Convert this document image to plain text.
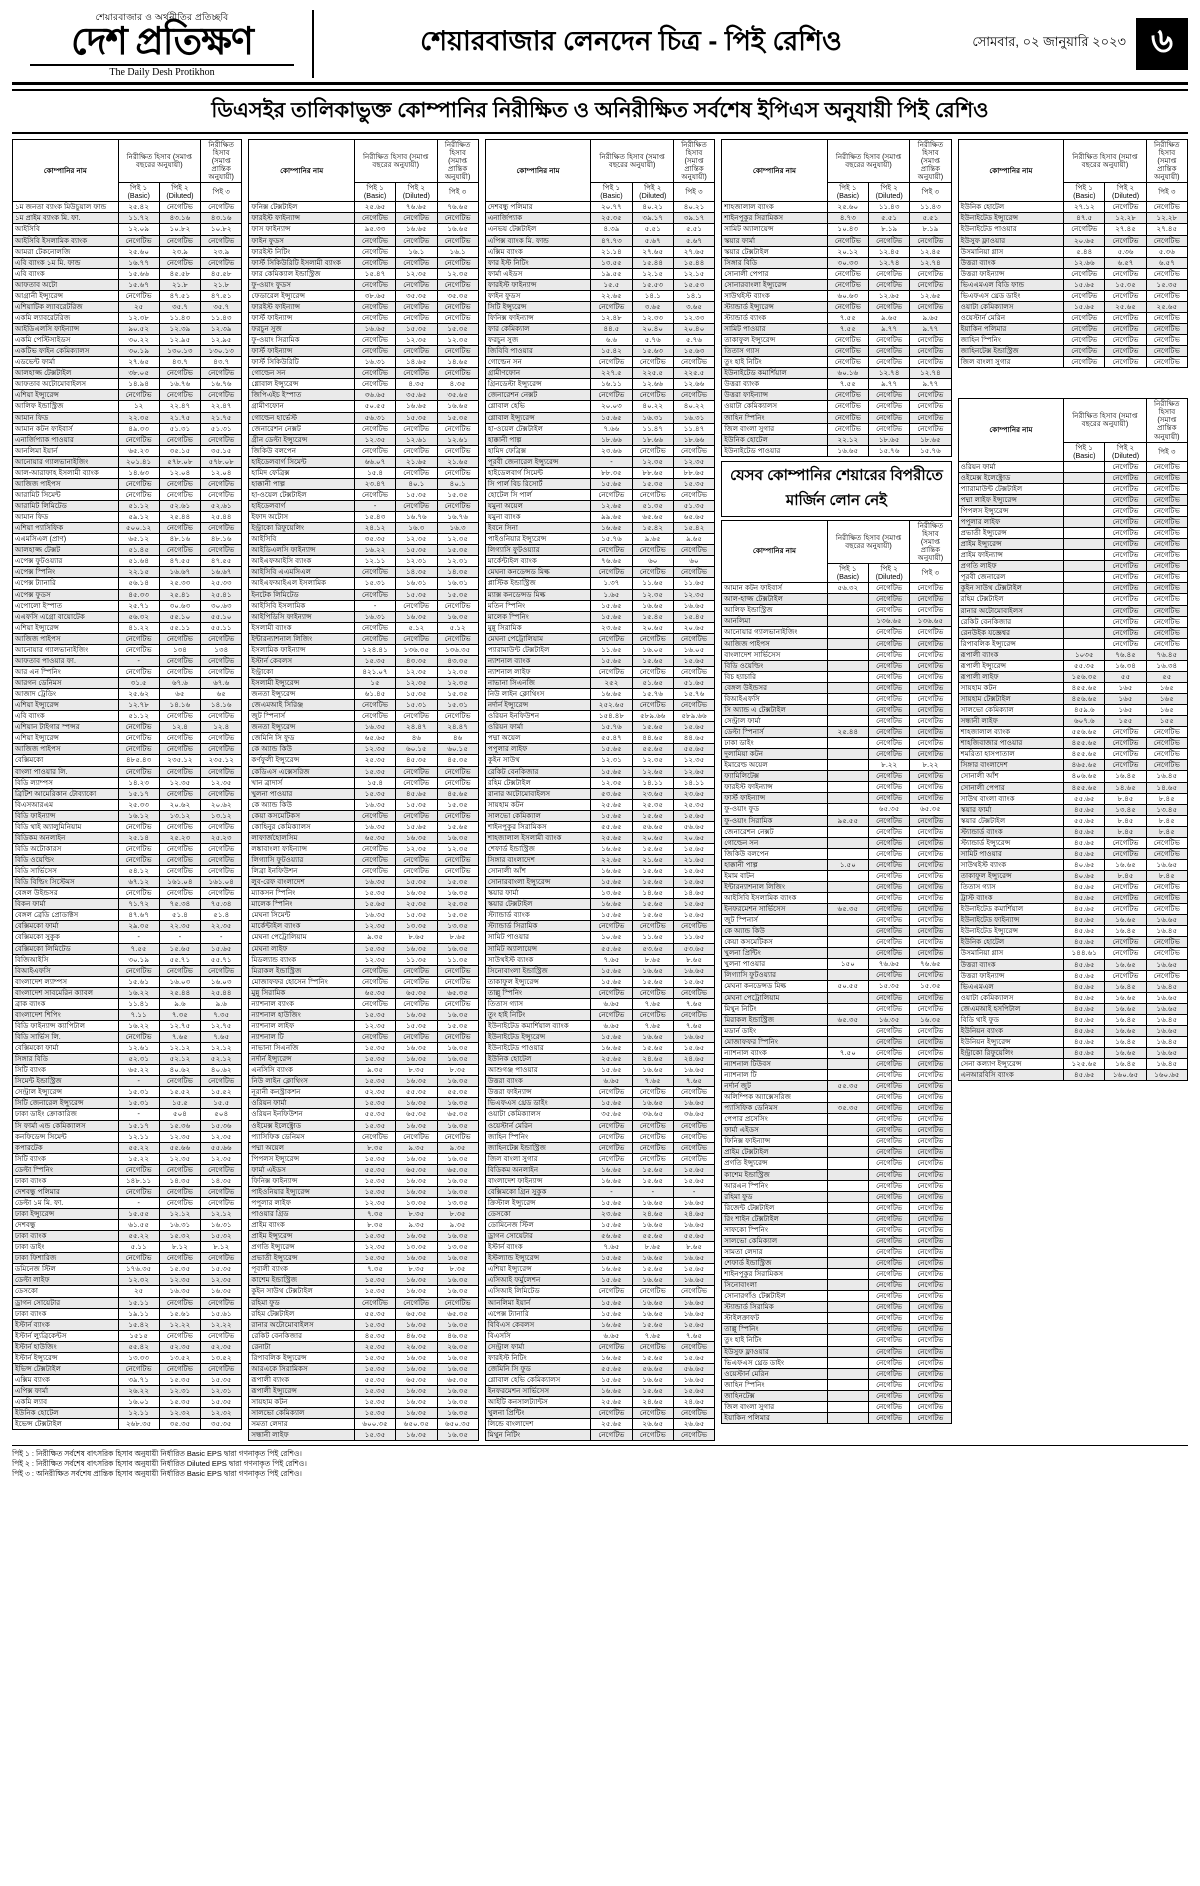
শেয়ারবাজার ও অর্থনীতির প্রতিচ্ছবি
দেশ প্রতিক্ষণ
The Daily Desh Protikhon
শেয়ারবাজার লেনদেন চিত্র - পিই রেশিও	সোমবার, ০২ জানুয়ারি ২০২৩ ৬
ডিএসইর তালিকাভুক্ত কোম্পানির নিরীক্ষিত ও অনিরীক্ষিত সর্বশেষ ইপিএস অনুযায়ী পিই রেশিও
কোম্পানির নাম	নিরীক্ষিত হিসাব (সমাপ্ত বছরের অনুযায়ী)		নিরীক্ষিত হিসাব (সমাপ্ত প্রান্তিক অনুযায়ী)
	পিই ১ (Basic)	পিই ২ (Diluted)	পিই ৩
১ম জনতা ব্যাংক মিউচুয়াল ফান্ড	২৫.৪২	নেগেটিভ	নেগেটিভ
১ম প্রাইম ব্যাংক মি. ফা.	১১.৭২	৪৩.১৬	৪৩.১৬
আইসিবি	১২.০৯	১০.৮২	১০.৮২
আইসিবি ইসলামিক ব্যাংক	নেগেটিভ	নেগেটিভ	নেগেটিভ
আমরা টেকনোলজি	২৫.৬০	২৩.৯	২৩.৯
এবি ব্যাংক ১ম মি. ফান্ড	১৬.৭৭	নেগেটিভ	নেগেটিভ
এবি ব্যাংক	১৫.৬৬	৪৫.৫৮	৪৫.৫৮
আফতাব অটো	১৫.৬৭	২১.৮	২১.৮
আগ্রানী ইন্স্যুরেন্স	নেগেটিভ	৪৭.৫১	৪৭.৫১
এশিয়াটিক ল্যাবরেটরিজ	২৫	৩৫.৭	৩৫.৭
একমি ল্যাবরেটরিজ	১২.৩৮	১১.৪৩	১১.৪৩
আইডিএলসি ফাইন্যান্স	৯০.৫২	১২.৩৯	১২.৩৯
একমি পেস্টিসাইডস	৩০.২২	১২.৯৫	১২.৯৫
একটিভ ফাইন কেমিক্যালস	৩০.১৯	১৩০.১৩	১৩০.১৩
এডভেন্ট ফার্মা	২৭.৬৫	৪৩.৭	৪৩.৭
আলহাজ্জ টেক্সটাইল	৩৮.০৫	নেগেটিভ	নেগেটিভ
আফতাব অটোমোবাইলস	১৪.৯৪	১৬.৭৬	১৬.৭৬
এশিয়া ইন্স্যুরেন্স	নেগেটিভ	নেগেটিভ	নেগেটিভ
আলিফ ইন্ডাস্ট্রিজ	১২	২২.৪৭	২২.৪৭
আমান ফিড	২২.৩৫	২১.৭৫	২১.৭৫
আমান কটন ফাইবার্স	৪৯.৩৩	৫১.৩১	৫১.৩১
এনার্জিপ্যাক পাওয়ার	নেগেটিভ	নেগেটিভ	নেগেটিভ
আনলিমা ইয়ার্ন	৬৫.২৩	৩৫.১৫	৩৫.১৫
আনোয়ার গ্যালভানাইজিং	২০১.৪১	৫৭৮.০৮	৫৭৮.০৮
আল-আরাফাহ ইসলামী ব্যাংক	১৪.৬৩	১২.০৪	১২.০৪
আজিজ পাইপস	নেগেটিভ	নেগেটিভ	নেগেটিভ
আরামিট সিমেন্ট	নেগেটিভ	নেগেটিভ	নেগেটিভ
আরামিট লিমিটেড	৫১.১২	৫২.৬১	৫২.৬১
আমান ফিড	৫৯.১২	২৫.৪৪	২৫.৪৪
এশিয়া প্যাসিফিক	৫০০.১২	নেগেটিভ	নেগেটিভ
এএমসিএল (প্রাণ)	৬৫.১২	৪৮.১৬	৪৮.১৬
আলহাজ্জ টেক্সট	৫১.৪৫	নেগেটিভ	নেগেটিভ
এপেক্স ফুটওয়্যার	৫১.৬৪	৪৭.৫৫	৪৭.৫৫
এপেক্স স্পিনিং	২২.১৫	১৬.৬৭	১৬.৬৭
এপেক্স ট্যানারি	৫৬.১৪	২৫.৩৩	২৫.৩৩
এপেক্স ফুডস	৪৫.৩৩	২৫.৪১	২৫.৪১
এপোলো ইস্পাত	২৫.৭১	৩০.৬৩	৩০.৬৩
এএফসি এগ্রো বায়োটেক	৫৬.৩২	৫৫.১০	৫৫.১০
এশিয়া ইন্স্যুরেন্স	৪১.২২	৫৫.১১	৫৫.১১
আজিজ পাইপস	নেগেটিভ	নেগেটিভ	নেগেটিভ
আনোয়ার গ্যালভানাইজিং	নেগেটিভ	১৩৪	১৩৪
আফতাব পাওয়ার ফা.	-	নেগেটিভ	নেগেটিভ
আর এন স্পিনিং	নেগেটিভ	নেগেটিভ	নেগেটিভ
আরগন ডেনিমস	৩১.৫	৬৭.৬	৬৭.৬
আজাদ ট্রেডিং	২৫.৬২	৬৫	৬৫
এশিয়া ইন্স্যুরেন্স	১২.৭৮	১৪.১৬	১৪.১৬
এবি ব্যাংক	৫১.১২	নেগেটিভ	নেগেটিভ
এশিয়ান টাইগার স্পন্সর	নেগেটিভ	১২.৪	১২.৪
এশিয়া ইন্স্যুরেন্স	নেগেটিভ	নেগেটিভ	নেগেটিভ
আজিজ পাইপস	নেগেটিভ	নেগেটিভ	নেগেটিভ
বেক্সিমকো	৪৮৫.৪৩	২৩৫.১২	২৩৫.১২
বাংলা পাওয়ার লি.	নেগেটিভ	নেগেটিভ	নেগেটিভ
বিডি ল্যাম্পস	১৪.২৩	১২.৩৫	১২.৩৫
ব্রিটিশ আমেরিকান টোব্যাকো	১৫.১৭	নেগেটিভ	নেগেটিভ
বিএসআরএম	২৫.৩৩	২০.৬২	২০.৬২
বিডি ফাইন্যান্স	১৬.১২	১৩.১২	১৩.১২
বিডি থাই অ্যালুমিনিয়াম	নেগেটিভ	নেগেটিভ	নেগেটিভ
বিডিকম অনলাইন	২৫.১৪	২৫.২৩	২৫.২৩
বিডি অটোকারস	নেগেটিভ	নেগেটিভ	নেগেটিভ
বিডি ওয়েল্ডিং	নেগেটিভ	নেগেটিভ	নেগেটিভ
বিডি সার্ভিসেস	৫৪.১২	নেগেটিভ	নেগেটিভ
বিডি বিল্ডিং সিস্টেমস	৬৭.১২	১৬১.০৪	১৬১.০৪
বেঙ্গল উইন্ডসর	নেগেটিভ	নেগেটিভ	নেগেটিভ
বিকন ফার্মা	৭১.৭২	৭৫.৩৪	৭৫.৩৪
বেঙ্গল ব্রেডি প্রোডাক্টস	৪৭.৬৭	৫১.৪	৫১.৪
বেক্সিমকো ফার্মা	২৯.৩৫	২২.৩৫	২২.৩৫
বেক্সিমকো সুকুক	-	-	-
বেক্সিমকো লিমিটেড	৭.৫৫	১৫.৬৫	১৫.৬৫
বিজিআইসি	৩০.১৯	৫৫.৭১	৫৫.৭১
বিআইএফসি	নেগেটিভ	নেগেটিভ	নেগেটিভ
বাংলাদেশ ল্যাম্পস	১৫.৬১	১৬.০৩	১৬.০৩
বাংলাদেশ সাবমেরিন ক্যাবল	১৬.২২	২৫.৪৪	২৫.৪৪
ব্রাক ব্যাংক	১১.৪১	৯.৬	৯.৬
বাংলাদেশ শিপিং	৭.১১	৭.৩৫	৭.৩৫
বিডি ফাইন্যান্স ক্যাপিটাল	১৬.২২	১২.৭৫	১২.৭৫
বিডি সার্ভিস লি.	নেগেটিভ	৭.৬৫	৭.৬৫
বেক্সিমকো ফার্মা	১২.৬১	১২.১২	১২.১২
সিঙ্গার বিডি	৫২.৩১	৫২.১২	৫২.১২
সিটি ব্যাংক	৬৫.২২	৪০.৬২	৪০.৬২
সিমেন্ট ইন্ডাস্ট্রিজ	-	নেগেটিভ	নেগেটিভ
সেন্ট্রাল ইন্স্যুরেন্স	১৫.৩১	১৫.৫২	১৫.৫২
সিটি জেনারেল ইন্স্যুরেন্স	১৫.৩১	১৫.৫	১৫.৫
ঢাকা ডাইং ক্রোকারিজ	-	৫০৪	৫০৪
সি ফার্মা এন্ড কেমিক্যালস	১৫.১৭	১৫.৩৬	১৫.৩৬
কনফিডেন্স সিমেন্ট	১২.১১	১২.৩৫	১২.৩৫
কপারটেক	৫৫.২২	৫৫.৬৬	৫৫.৬৬
সিটি ব্যাংক	১৫.২২	১২.৩৫	১২.৩৫
ডেল্টা স্পিনিং	নেগেটিভ	নেগেটিভ	নেগেটিভ
ঢাকা ব্যাংক	১৪৮.১১	১৪.৩৫	১৪.৩৫
দেশবন্ধু পলিমার	নেগেটিভ	নেগেটিভ	নেগেটিভ
ডেল্টা ১ম মি. ফা.	-	নেগেটিভ	নেগেটিভ
ঢাকা ইন্স্যুরেন্স	১৫.৫৫	১২.১২	১২.১২
দেশবন্ধু	৬১.৫৫	১৬.৩১	১৬.৩১
ঢাকা ব্যাংক	৫৫.২২	১৫.৩২	১৫.৩২
ঢাকা ডাইং	৫.১১	৮.১২	৮.১২
ঢাকা ফিশারিজ	নেগেটিভ	নেগেটিভ	নেগেটিভ
ডমিনেজ স্টিল	১৭৬.৩৫	১৫.৩৫	১৫.৩৫
ডেল্টা লাইফ	১২.৩২	১২.৩৫	১২.৩৫
ডেসকো	২৫	১৬.৩৫	১৬.৩৫
ড্রাগন সোয়েটার	১৫.১১	নেগেটিভ	নেগেটিভ
ঢাকা ব্যাংক	১৯.১১	১৫.৬১	১৫.৬১
ইস্টার্ন ব্যাংক	১৫.৪২	১২.২২	১২.২২
ইস্টার্ন ল্যুব্রিকেন্টস	১৫১৫	নেগেটিভ	নেগেটিভ
ইস্টার্ন হাউজিং	৫৫.৪২	৫২.৩৫	৫২.৩৫
ইস্টার্ন ইন্স্যুরেন্স	১৩.৩৩	১৩.৫২	১৩.৫২
ইভিন্স টেক্সটাইল	নেগেটিভ	নেগেটিভ	নেগেটিভ
এক্সিম ব্যাংক	৩৯.৭১	১৫.৩৫	১৫.৩৫
এপিক্স ফার্মা	২৬.২২	১২.৩১	১২.৩১
একমি ল্যাব	১৬.০১	১৫.৩৫	১৫.৩৫
ইউনিক হোটেল	১২.১১	১২.৩২	১২.৩২
ইভেন্স টেক্সটাইল	২৬৮.৩৫	৩৫.৩৫	৩৫.৩৫
কোম্পানির নাম	নিরীক্ষিত হিসাব (সমাপ্ত বছরের অনুযায়ী)		নিরীক্ষিত হিসাব (সমাপ্ত প্রান্তিক অনুযায়ী)
	পিই ১ (Basic)	পিই ২ (Diluted)	পিই ৩
ফনিক্স টেক্সটাইল	২৫.৬৫	৭৬.৬৫	৭৬.৬৫
ফারইস্ট ফাইন্যান্স	নেগেটিভ	নেগেটিভ	নেগেটিভ
ফাস ফাইন্যান্স	৯৫.৩৩	১৬.৬৫	১৬.৬৫
ফাইন ফুডস	নেগেটিভ	নেগেটিভ	নেগেটিভ
ফারইস্ট নিটিং	নেগেটিভ	১৬.১	১৬.১
ফার্স্ট সিকিউরিটি ইসলামী ব্যাংক	নেগেটিভ	নেগেটিভ	নেগেটিভ
ফার কেমিক্যাল ইন্ডাস্ট্রিজ	১৫.৪৭	১২.৩৫	১২.৩৫
ফু-ওয়াং ফুডস	নেগেটিভ	নেগেটিভ	নেগেটিভ
ফেডারেল ইন্স্যুরেন্স	৩৮.৬৫	৩৫.৩৫	৩৫.৩৫
ফারইস্ট ফাইন্যান্স	নেগেটিভ	নেগেটিভ	নেগেটিভ
ফার্স্ট ফাইন্যান্স	নেগেটিভ	নেগেটিভ	নেগেটিভ
ফরচুন সুজ	১৬.৬৫	১৫.৩৫	১৫.৩৫
ফু-ওয়াং সিরামিক	নেগেটিভ	১২.৩৫	১২.৩৫
ফার্স্ট ফাইন্যান্স	নেগেটিভ	নেগেটিভ	নেগেটিভ
ফার্স্ট সিকিউরিটি	১৬.৩১	১৪.৬৫	১৪.৬৫
গোল্ডেন সন	নেগেটিভ	নেগেটিভ	নেগেটিভ
গ্লোবাল ইন্স্যুরেন্স	নেগেটিভ	৪.৩৫	৪.৩৫
জিপিএইচ ইস্পাত	৩৬.৬৫	৩৫.৬৫	৩৫.৬৫
গ্রামীণফোন	৫০.৫৫	১৬.৬৫	১৬.৬৫
গোল্ডেন হার্ভেস্ট	৫৬.৩১	১৫.৩৫	১৫.৩৫
জেনারেশন নেক্সট	নেগেটিভ	নেগেটিভ	নেগেটিভ
গ্রীন ডেল্টা ইন্স্যুরেন্স	১২.৩৫	১২.৬১	১২.৬১
জিকিউ বলপেন	নেগেটিভ	নেগেটিভ	নেগেটিভ
হাইডেলবার্গ সিমেন্ট	৬৬.০৭	২১.৬৫	২১.৬৫
হামিদ ফেব্রিক্স	১৫.৪	নেগেটিভ	নেগেটিভ
হাক্কানী পাল্প	২৩.৪৭	৪০.১	৪০.১
হা-ওয়েল টেক্সটাইল	নেগেটিভ	১৫.৩৫	১৫.৩৫
হাইডেলবার্গ	-	নেগেটিভ	নেগেটিভ
ইফাদ অটোস	১৫.৪৩	১৬.৭৬	১৬.৭৬
ইন্ট্রাকো রিফুয়েলিং	২৪.১২	১৬.৩	১৬.৩
আইসিবি	৩৫.৩৫	১২.৩৫	১২.৩৫
আইডিএলসি ফাইন্যান্স	১৬.২২	১৫.৩৫	১৫.৩৫
আইএফআইসি ব্যাংক	১২.১১	১২.৩১	১২.৩১
আইসিবি এএমসিএল	নেগেটিভ	১৪.৩৫	১৪.৩৫
আইএফআইএল ইসলামিক	১৫.৩১	১৬.৩১	১৬.৩১
ইনটেক লিমিটেড	নেগেটিভ	১৫.৩৫	১৫.৩৫
আইসিবি ইসলামিক	-	নেগেটিভ	নেগেটিভ
আইপিডিসি ফাইন্যান্স	১৬.৩১	১৬.৩৫	১৬.৩৫
ইসলামী ব্যাংক	নেগেটিভ	৫.১২	৫.১২
ইন্টারন্যাশনাল লিজিং	নেগেটিভ	নেগেটিভ	নেগেটিভ
ইসলামিক ফাইন্যান্স	১২৪.৪১	১৩৬.৩৫	১৩৬.৩৫
ইস্টার্ন কেবলস	১৫.৩৫	৪৩.৩৫	৪৩.৩৫
ইন্ট্রাকো	৪২১.০৭	১২.৩৫	১২.৩৫
ইসলামী ইন্স্যুরেন্স	১৫	১২.৩৫	১২.৩৫
জনতা ইন্স্যুরেন্স	৬১.৪৫	১৫.৩৫	১৫.৩৫
জেএমআই সিরিঞ্জ	নেগেটিভ	১৫.৩১	১৫.৩১
জুট স্পিনার্স	নেগেটিভ	নেগেটিভ	নেগেটিভ
জনতা ইন্স্যুরেন্স	১৬.৩৫	২৪.৪৭	২৪.৪৭
জেমিনি সি ফুড	৬৫.৬৫	৪৬	৪৬
কে অ্যান্ড কিউ	১২.৩৫	৬০.১৫	৬০.১৫
কর্ণফুলী ইন্স্যুরেন্স	২৫.৩৫	৪৫.৩৫	৪৫.৩৫
কেডিএস এক্সেসরিজ	১৫.৩৫	নেগেটিভ	নেগেটিভ
খান ব্রাদার্স	১৫.৪	নেগেটিভ	নেগেটিভ
খুলনা পাওয়ার	১৫.৩৫	৪৫.৬৫	৪৫.৬৫
কে অ্যান্ড কিউ	১৬.৩৫	১৫.৩৫	১৫.৩৫
কেয়া কসমেটিকস	নেগেটিভ	নেগেটিভ	নেগেটিভ
কোহিনুর কেমিক্যালস	১৬.৩৫	১৫.৬৫	১৫.৬৫
লাফার্জহোলসিম	৬৫.৩৫	১৬.৩৫	১৬.৩৫
লঙ্কাবাংলা ফাইন্যান্স	নেগেটিভ	১২.৩৫	১২.৩৫
লিগ্যাসি ফুটওয়্যার	নেগেটিভ	নেগেটিভ	নেগেটিভ
লিব্রা ইনফিউশন	নেগেটিভ	নেগেটিভ	নেগেটিভ
লুব-রেফ বাংলাদেশ	১৬.৩৫	১৫.৩৫	১৫.৩৫
ম্যাকসন স্পিনিং	১৫.৩৫	১৬.৩৫	১৬.৩৫
মালেক স্পিনিং	১৫.৬৫	২৫.৩৫	২৫.৩৫
মেঘনা সিমেন্ট	১৬.৩৫	১৫.৩৫	১৫.৩৫
মার্কেন্টাইল ব্যাংক	১২.৩৫	১৩.৩৫	১৩.৩৫
মেঘনা পেট্রোলিয়াম	৯.৩৫	৮.৬৫	৮.৬৫
মেঘনা লাইফ	১৫.৩৫	১৬.৩৫	১৬.৩৫
মিডল্যান্ড ব্যাংক	১২.৩৫	১১.৩৫	১১.৩৫
মিরাকল ইন্ডাস্ট্রিজ	নেগেটিভ	নেগেটিভ	নেগেটিভ
মোজাফফর হোসেন স্পিনিং	নেগেটিভ	নেগেটিভ	নেগেটিভ
মুন্নু সিরামিক	৬৫.৩৫	৬৫.৩৫	৬৫.৩৫
ন্যাশনাল ব্যাংক	নেগেটিভ	নেগেটিভ	নেগেটিভ
ন্যাশনাল হাউজিং	১৫.৩৫	১৬.৩৫	১৬.৩৫
ন্যাশনাল লাইফ	১২.৩৫	১৫.৩৫	১৫.৩৫
ন্যাশনাল টি	নেগেটিভ	নেগেটিভ	নেগেটিভ
নাভানা সিএনজি	১৫.৩৫	১৬.৩৫	১৬.৩৫
নর্দার্ন ইন্স্যুরেন্স	১৫.৩৫	১৬.৩৫	১৬.৩৫
এনসিসি ব্যাংক	৯.৩৫	৮.৩৫	৮.৩৫
নিউ লাইন ক্লোথিংস	১৫.৩৫	১৬.৩৫	১৬.৩৫
নূরানী কনস্ট্রাকশন	৫২.৩৫	৫৫.৩৫	৫৫.৩৫
ওরিয়ন ফার্মা	১৫.৩৫	১৬.৩৫	১৬.৩৫
ওরিয়ন ইনফিউশন	৫৫.৩৫	৬৫.৩৫	৬৫.৩৫
ওইমেক্স ইলেক্ট্রোড	১৫.৩৫	১৬.৩৫	১৬.৩৫
প্যাসিফিক ডেনিমস	নেগেটিভ	নেগেটিভ	নেগেটিভ
পদ্মা অয়েল	৮.৩৫	৯.৩৫	৯.৩৫
পিপলস ইন্স্যুরেন্স	১৫.৩৫	১৬.৩৫	১৬.৩৫
ফার্মা এইডস	৫৫.৩৫	৬৫.৩৫	৬৫.৩৫
ফিনিক্স ফাইন্যান্স	১৫.৩৫	১৬.৩৫	১৬.৩৫
পাইওনিয়ার ইন্স্যুরেন্স	১৫.৩৫	১৬.৩৫	১৬.৩৫
পপুলার লাইফ	১২.৩৫	১৩.৩৫	১৩.৩৫
পাওয়ার গ্রিড	৭.৩৫	৮.৩৫	৮.৩৫
প্রাইম ব্যাংক	৮.৩৫	৯.৩৫	৯.৩৫
প্রাইম ইন্স্যুরেন্স	১৫.৩৫	১৬.৩৫	১৬.৩৫
প্রগতি ইন্স্যুরেন্স	১২.৩৫	১৩.৩৫	১৩.৩৫
প্রভাতী ইন্স্যুরেন্স	১৫.৩৫	১৬.৩৫	১৬.৩৫
পূবালী ব্যাংক	৭.৩৫	৮.৩৫	৮.৩৫
কাশেম ইন্ডাস্ট্রিজ	১৫.৩৫	১৬.৩৫	১৬.৩৫
কুইন সাউথ টেক্সটাইল	১৫.৩৫	১৬.৩৫	১৬.৩৫
রহিমা ফুড	নেগেটিভ	নেগেটিভ	নেগেটিভ
রহিম টেক্সটাইল	৫৫.৩৫	৬৫.৩৫	৬৫.৩৫
রানার অটোমোবাইলস	১৫.৩৫	১৬.৩৫	১৬.৩৫
রেকিট বেনকিজার	৪৫.৩৫	৪৬.৩৫	৪৬.৩৫
রেনাটা	২৫.৩৫	২৬.৩৫	২৬.৩৫
রিপাবলিক ইন্স্যুরেন্স	১৫.৩৫	১৬.৩৫	১৬.৩৫
আরএকে সিরামিকস	১৫.৩৫	১৬.৩৫	১৬.৩৫
রূপালী ব্যাংক	৫৫.৩৫	৬৫.৩৫	৬৫.৩৫
রূপালী ইন্স্যুরেন্স	১৫.৩৫	১৬.৩৫	১৬.৩৫
সায়হাম কটন	১৫.৩৫	১৬.৩৫	১৬.৩৫
সালভো কেমিক্যাল	১৫.৩৫	১৬.৩৫	১৬.৩৫
সমতা লেদার	৬০০.৩৫	৬৫০.৩৫	৬৫০.৩৫
সন্ধানী লাইফ	১৫.৩৫	১৬.৩৫	১৬.৩৫
কোম্পানির নাম	নিরীক্ষিত হিসাব (সমাপ্ত বছরের অনুযায়ী)		নিরীক্ষিত হিসাব (সমাপ্ত প্রান্তিক অনুযায়ী)
	পিই ১ (Basic)	পিই ২ (Diluted)	পিই ৩
দেশবন্ধু পলিমার	২০.৭৭	৪০.২১	৪০.২১
এনার্জিপ্যাক	২৫.৩৫	৩৯.১৭	৩৯.১৭
এনভয় টেক্সটাইল	৪.৩৯	৫.৫১	৫.৫১
এপিক্স ব্যাংক মি. ফান্ড	৪৭.৭৩	৫.৬৭	৫.৬৭
এক্সিম ব্যাংক	২১.১৪	২৭.৬৫	২৭.৬৫
ফার ইস্ট নিটিং	১৩.৫৫	১৫.৪৪	১৫.৪৪
ফার্মা এইডস	১৯.৫৫	১২.১৫	১২.১৫
ফারইস্ট ফাইন্যান্স	১৫.৫	১৫.৫৩	১৫.৫৩
ফাইন ফুডস	২২.৬৫	১৪.১	১৪.১
সিটি ইন্স্যুরেন্স	নেগেটিভ	৩.৬৫	৩.৬৫
ফিনিক্স ফাইন্যান্স	১২.৪৮	১২.৩৩	১২.৩৩
ফার কেমিক্যাল	৪৪.৫	২০.৪০	২০.৪০
ফরচুন সুজ	৬.৬	৫.৭৬	৫.৭৬
জিবিবি পাওয়ার	১৫.৪২	১৫.৬৩	১৫.৬৩
গোল্ডেন সন	নেগেটিভ	নেগেটিভ	নেগেটিভ
গ্রামীণফোন	২২৭.৫	২২৫.৫	২২৫.৫
গ্রিনডেল্টা ইন্স্যুরেন্স	১৬.১১	১২.৬৬	১২.৬৬
জেনারেশন নেক্সট	নেগেটিভ	নেগেটিভ	নেগেটিভ
গ্লোবাল হেভি	২০.০৩	৪০.২২	৪০.২২
গ্লোবাল ইন্স্যুরেন্স	১৫.৬৫	১৬.৩১	১৬.৩১
হা-ওয়েল টেক্সটাইল	৭.৬৬	১১.৪৭	১১.৪৭
হাক্কানী পাল্প	১৮.৬৬	১৮.৬৬	১৮.৬৬
হামিদ ফেব্রিক্স	২৩.৬৬	নেগেটিভ	নেগেটিভ
পূরবী জেনারেল ইন্স্যুরেন্স	-	১২.৩৫	১২.৩৫
হাইডেলবার্গ সিমেন্ট	৮৮.৩৫	৮৮.৬৫	৮৮.৬৫
সি পার্ল বিচ রিসোর্ট	১৫.৬৫	১৫.৩৫	১৫.৩৫
হোটেল সি পার্ল	নেগেটিভ	নেগেটিভ	নেগেটিভ
যমুনা অয়েল	১২.৬৫	৫১.৩৫	৫১.৩৫
যমুনা ব্যাংক	৯৯.৬৫	৬৫.৬৫	৬৫.৬৫
ইবনে সিনা	১৬.৬৫	১৫.৪২	১৫.৪২
পাইওনিয়ার ইন্স্যুরেন্স	১৫.৭৬	৯.৬৫	৯.৬৫
লিগ্যাসি ফুটওয়্যার	নেগেটিভ	নেগেটিভ	নেগেটিভ
মার্কেন্টাইল ব্যাংক	৭৬.৬৫	৬০	৬০
মেঘনা কনডেন্সড মিল্ক	নেগেটিভ	নেগেটিভ	নেগেটিভ
প্লাস্টিক ইন্ডাস্ট্রিজ	১.৩৭	১১.৬৫	১১.৬৫
ম্যাক্স কনডেন্সড মিল্ক	১.৬৫	১২.৩৫	১২.৩৫
মতিন স্পিনিং	১৫.৬৫	১৬.৬৫	১৬.৬৫
মালেক স্পিনিং	১৫.৬৫	১৫.৪৫	১৫.৪৫
মুন্নু সিরামিক	২৩.৬৫	২০.৬৫	২০.৬৫
মেঘনা পেট্রোলিয়াম	নেগেটিভ	নেগেটিভ	নেগেটিভ
প্যারামাউন্ট টেক্সটাইল	১১.৬৫	১৬.০৫	১৬.০৫
ন্যাশনাল ব্যাংক	১৫.৬৫	১৫.৬৫	১৫.৬৫
ন্যাশনাল লাইফ	নেগেটিভ	নেগেটিভ	নেগেটিভ
নাভানা সিএনজি	২৫২	৫১.৬৫	৫১.৬৫
নিউ লাইন ক্লোথিংস	১৬.৬৫	১৫.৭৬	১৫.৭৬
নর্দার্ন ইন্স্যুরেন্স	২৫২.৬৫	নেগেটিভ	নেগেটিভ
ওরিয়ন ইনফিউশন	১৫৪.৪৮	৫৮৯.৬৬	৫৮৯.৬৬
ওরিয়ন ফার্মা	১৫.৭৬	১৫.৬৫	১৫.৬৫
পদ্মা অয়েল	৫৫.৪৭	৪৪.৬৫	৪৪.৬৫
পপুলার লাইফ	১৫.৬৫	৫৫.৬৫	৫৫.৬৫
কুইন সাউথ	১২.৩১	১২.৩৫	১২.৩৫
রেকিট বেনকিজার	১৫.৬৫	১২.৬৫	১২.৬৫
রহিম টেক্সটাইল	১২.৩৫	১৪.১১	১৪.১১
রানার অটোমোবাইলস	৫৩.৬৫	২৩.৬৫	২৩.৬৫
সায়হাম কটন	২৫.৬৫	২৫.৩৫	২৫.৩৫
সালভো কেমিক্যাল	১৫.৬৫	১৫.৬৫	১৫.৬৫
শাইনপুকুর সিরামিকস	৫৫.৬৫	৫৬.৬৫	৫৬.৬৫
শাহজালাল ইসলামী ব্যাংক	২৫.৬৫	২০.৬৫	২০.৬৫
শেফার্ড ইন্ডাস্ট্রিজ	১৬.৬৫	১৫.৬৫	১৫.৬৫
সিঙ্গার বাংলাদেশ	২২.৬৫	২১.৬৫	২১.৬৫
সোনালী আঁশ	১৬.৬৫	১৫.৬৫	১৫.৬৫
সোনারবাংলা ইন্স্যুরেন্স	১৫.৬৫	১৫.৬৫	১৫.৬৫
স্কয়ার ফার্মা	১৩.৬৫	১৪.৬৫	১৪.৬৫
স্কয়ার টেক্সটাইল	১৬.৬৫	১৫.৬৫	১৫.৬৫
স্ট্যান্ডার্ড ব্যাংক	১৫.৬৫	১৫.৬৫	১৫.৬৫
স্ট্যান্ডার্ড সিরামিক	নেগেটিভ	নেগেটিভ	নেগেটিভ
সামিট পাওয়ার	১০.৬৫	১১.৬৫	১১.৬৫
সামিট অ্যালায়েন্স	৫৫.৬৫	৫৩.৬৫	৫৩.৬৫
সাউথইস্ট ব্যাংক	৭.৬৫	৮.৬৫	৮.৬৫
সিনোবাংলা ইন্ডাস্ট্রিজ	১৫.৬৫	১৬.৬৫	১৬.৬৫
তাকাফুল ইন্স্যুরেন্স	১৫.৬৫	১৫.৬৫	১৫.৬৫
তাল্লু স্পিনিং	নেগেটিভ	নেগেটিভ	নেগেটিভ
তিতাস গ্যাস	৬.৬৫	৭.৬৫	৭.৬৫
তুং হাই নিটিং	নেগেটিভ	নেগেটিভ	নেগেটিভ
ইউনাইটেড কমার্শিয়াল ব্যাংক	৬.৬৫	৭.৬৫	৭.৬৫
ইউনাইটেড ইন্স্যুরেন্স	১৫.৬৫	১৬.৬৫	১৬.৬৫
ইউনাইটেড পাওয়ার	১৬.৬৫	১৫.৬৫	১৫.৬৫
ইউনিক হোটেল	২৫.৬৫	২৪.৬৫	২৪.৬৫
আশুগঞ্জ পাওয়ার	১৫.৬৫	১৬.৬৫	১৬.৬৫
উত্তরা ব্যাংক	৬.৬৫	৭.৬৫	৭.৬৫
উত্তরা ফাইন্যান্স	নেগেটিভ	নেগেটিভ	নেগেটিভ
ভিএফএস থ্রেড ডাইং	১৫.৬৫	১৬.৬৫	১৬.৬৫
ওয়াটা কেমিক্যালস	৩৫.৬৫	৩৬.৬৫	৩৬.৬৫
ওয়েস্টার্ন মেরিন	নেগেটিভ	নেগেটিভ	নেগেটিভ
জাহিন স্পিনিং	নেগেটিভ	নেগেটিভ	নেগেটিভ
জাহিনটেক্স ইন্ডাস্ট্রিজ	নেগেটিভ	নেগেটিভ	নেগেটিভ
জিল বাংলা সুগার	নেগেটিভ	নেগেটিভ	নেগেটিভ
বিডিকম অনলাইন	১৬.৬৫	১৫.৬৫	১৫.৬৫
বাংলাদেশ ফাইন্যান্স	১৬.৬৫	১৫.৬৫	১৫.৬৫
বেক্সিমকো গ্রিন সুকুক	-	-	-
ক্রিস্টাল ইন্স্যুরেন্স	১৫.৬৫	১৬.৬৫	১৬.৬৫
ডেসকো	২৩.৬৫	২৪.৬৫	২৪.৬৫
ডোমিনেজ স্টিল	১৫.৬৫	১৬.৬৫	১৬.৬৫
ড্রাগন সোয়েটার	৫৬.৬৫	৫৫.৬৫	৫৫.৬৫
ইস্টার্ন ব্যাংক	৭.৬৫	৮.৬৫	৮.৬৫
ইস্টল্যান্ড ইন্স্যুরেন্স	১৫.৬৫	১৬.৬৫	১৬.৬৫
এশিয়া ইন্স্যুরেন্স	১৬.৬৫	১৫.৬৫	১৫.৬৫
এসিআই ফর্মুলেশন	১৫.৬৫	১৬.৬৫	১৬.৬৫
এসিআই লিমিটেড	নেগেটিভ	নেগেটিভ	নেগেটিভ
আনলিমা ইয়ার্ন	১৫.৬৫	১৬.৬৫	১৬.৬৫
এপেক্স ট্যানারি	১৫.৬৫	১৬.৬৫	১৬.৬৫
বিবিএস কেবলস	১৬.৬৫	১৫.৬৫	১৫.৬৫
বিএসসি	৬.৬৫	৭.৬৫	৭.৬৫
সেন্ট্রাল ফার্মা	নেগেটিভ	নেগেটিভ	নেগেটিভ
ফারইস্ট নিটিং	১৬.৬৫	১৫.৬৫	১৫.৬৫
জেমিনি সি ফুড	৫৫.৬৫	৫৬.৬৫	৫৬.৬৫
গ্লোবাল হেভি কেমিক্যালস	১৫.৬৫	১৬.৬৫	১৬.৬৫
ইনফরমেশন সার্ভিসেস	১৬.৬৫	১৫.৬৫	১৫.৬৫
আইটি কনসালট্যান্টস	২৫.৬৫	২৪.৬৫	২৪.৬৫
খুলনা প্রিন্টিং	নেগেটিভ	নেগেটিভ	নেগেটিভ
লিন্ডে বাংলাদেশ	২৫.৬৫	২৬.৬৫	২৬.৬৫
মিথুন নিটিং	নেগেটিভ	নেগেটিভ	নেগেটিভ
কোম্পানির নাম	নিরীক্ষিত হিসাব (সমাপ্ত বছরের অনুযায়ী)		নিরীক্ষিত হিসাব (সমাপ্ত প্রান্তিক অনুযায়ী)
	পিই ১ (Basic)	পিই ২ (Diluted)	পিই ৩
শাহজালাল ব্যাংক	২৫.৬০	১১.৪৩	১১.৪৩
শাইনপুকুর সিরামিকস	৪.৭৩	৫.৫১	৫.৫১
সামিট অ্যালায়েন্স	১০.৪৩	৮.১৯	৮.১৯
স্কয়ার ফার্মা	নেগেটিভ	নেগেটিভ	নেগেটিভ
স্কয়ার টেক্সটাইল	২০.১২	১২.৪৫	১২.৪৫
সিঙ্গার বিডি	৩০.৩৩	১২.৭৪	১২.৭৪
সোনালী পেপার	নেগেটিভ	নেগেটিভ	নেগেটিভ
সোনারবাংলা ইন্স্যুরেন্স	নেগেটিভ	নেগেটিভ	নেগেটিভ
সাউথইস্ট ব্যাংক	৬০.৬৩	১২.৬৫	১২.৬৫
স্ট্যান্ডার্ড ইন্স্যুরেন্স	নেগেটিভ	নেগেটিভ	নেগেটিভ
স্ট্যান্ডার্ড ব্যাংক	৭.৫৫	৯.৬৫	৯.৬৫
সামিট পাওয়ার	৭.৫৫	৯.৭৭	৯.৭৭
তাকাফুল ইন্স্যুরেন্স	নেগেটিভ	নেগেটিভ	নেগেটিভ
তিতাস গ্যাস	নেগেটিভ	নেগেটিভ	নেগেটিভ
তুং হাই নিটিং	নেগেটিভ	নেগেটিভ	নেগেটিভ
ইউনাইটেড কমার্শিয়াল	৬০.১৬	১২.৭৪	১২.৭৪
উত্তরা ব্যাংক	৭.৫৫	৯.৭৭	৯.৭৭
উত্তরা ফাইন্যান্স	নেগেটিভ	নেগেটিভ	নেগেটিভ
ওয়াটা কেমিক্যালস	নেগেটিভ	নেগেটিভ	নেগেটিভ
জাহিন স্পিনিং	নেগেটিভ	নেগেটিভ	নেগেটিভ
জিল বাংলা সুগার	নেগেটিভ	নেগেটিভ	নেগেটিভ
ইউনিক হোটেল	২২.১২	১৮.৬৫	১৮.৬৫
ইউনাইটেড পাওয়ার	১৬.৬৫	১৫.৭৬	১৫.৭৬
যেসব কোম্পানির শেয়ারের বিপরীতে মার্জিন লোন নেই
কোম্পানির নাম	নিরীক্ষিত হিসাব (সমাপ্ত বছরের অনুযায়ী)		নিরীক্ষিত হিসাব (সমাপ্ত প্রান্তিক অনুযায়ী)
	পিই ১ (Basic)	পিই ২ (Diluted)	পিই ৩
আমান কটন ফাইবার্স	৫৬.৩২	নেগেটিভ	নেগেটিভ
আল-হাজ্জ টেক্সটাইল		নেগেটিভ	নেগেটিভ
আলিফ ইন্ডাস্ট্রিজ		নেগেটিভ	নেগেটিভ
আনলিমা		১৩৬.৬৫	১৩৬.৬৫
আনোয়ার গ্যালভানাইজিং		নেগেটিভ	নেগেটিভ
আজিজ পাইপস		নেগেটিভ	নেগেটিভ
বাংলাদেশ সার্ভিসেস		নেগেটিভ	নেগেটিভ
বিডি ওয়েল্ডিং		নেগেটিভ	নেগেটিভ
বিচ হ্যাচারি		নেগেটিভ	নেগেটিভ
বেঙ্গল উইন্ডসর		নেগেটিভ	নেগেটিভ
বিআইএফসি		নেগেটিভ	নেগেটিভ
সি অ্যান্ড এ টেক্সটাইল		নেগেটিভ	নেগেটিভ
সেন্ট্রাল ফার্মা		নেগেটিভ	নেগেটিভ
ডেল্টা স্পিনার্স	২৫.৪৪	নেগেটিভ	নেগেটিভ
ঢাকা ডাইং		নেগেটিভ	নেগেটিভ
দুলামিয়া কটন		নেগেটিভ	নেগেটিভ
ইমারেল্ড অয়েল		৮.২২	৮.২২
ফ্যামিলিটেক্স		নেগেটিভ	নেগেটিভ
ফারইস্ট ফাইন্যান্স		নেগেটিভ	নেগেটিভ
ফার্স্ট ফাইন্যান্স		নেগেটিভ	নেগেটিভ
ফু-ওয়াং ফুড		৬৫.৩৫	৬৫.৩৫
ফু-ওয়াং সিরামিক	৯৫.৫৫	নেগেটিভ	নেগেটিভ
জেনারেশন নেক্সট		নেগেটিভ	নেগেটিভ
গোল্ডেন সন		নেগেটিভ	নেগেটিভ
জিকিউ বলপেন		নেগেটিভ	নেগেটিভ
হাক্কানী পাল্প	১.৫০	নেগেটিভ	নেগেটিভ
ইমাম বাটন		নেগেটিভ	নেগেটিভ
ইন্টারন্যাশনাল লিজিং		নেগেটিভ	নেগেটিভ
আইসিবি ইসলামিক ব্যাংক		নেগেটিভ	নেগেটিভ
ইনফরমেশন সার্ভিসেস	৬৫.৩৫	নেগেটিভ	নেগেটিভ
জুট স্পিনার্স		নেগেটিভ	নেগেটিভ
কে অ্যান্ড কিউ		নেগেটিভ	নেগেটিভ
কেয়া কসমেটিকস		নেগেটিভ	নেগেটিভ
খুলনা প্রিন্টিং		নেগেটিভ	নেগেটিভ
খুলনা পাওয়ার	১৫০	৭৬.৬৫	৭৬.৬৫
লিগ্যাসি ফুটওয়্যার		নেগেটিভ	নেগেটিভ
মেঘনা কনডেন্সড মিল্ক	৫০.৫৫	১৫.৩৫	১৫.৩৫
মেঘনা পেট্রোলিয়াম		নেগেটিভ	নেগেটিভ
মিথুন নিটিং		নেগেটিভ	নেগেটিভ
মিরাকল ইন্ডাস্ট্রিজ	৬৫.৩৫	১৬.৩৫	১৬.৩৫
মডার্ন ডাইং		নেগেটিভ	নেগেটিভ
মোজাফফর স্পিনিং		নেগেটিভ	নেগেটিভ
ন্যাশনাল ব্যাংক	৭.৫০	নেগেটিভ	নেগেটিভ
ন্যাশনাল টিউবস		নেগেটিভ	নেগেটিভ
ন্যাশনাল টি		নেগেটিভ	নেগেটিভ
নর্দার্ন জুট	৫৫.৩৫	নেগেটিভ	নেগেটিভ
অলিম্পিক অ্যাক্সেসরিজ		নেগেটিভ	নেগেটিভ
প্যাসিফিক ডেনিমস	৩৫.৩৫	নেগেটিভ	নেগেটিভ
পেপার প্রসেসিং		নেগেটিভ	নেগেটিভ
ফার্মা এইডস		নেগেটিভ	নেগেটিভ
ফিনিক্স ফাইন্যান্স		নেগেটিভ	নেগেটিভ
প্রাইম টেক্সটাইল		নেগেটিভ	নেগেটিভ
প্রগতি ইন্স্যুরেন্স		নেগেটিভ	নেগেটিভ
কাশেম ইন্ডাস্ট্রিজ		নেগেটিভ	নেগেটিভ
আরএন স্পিনিং		নেগেটিভ	নেগেটিভ
রহিমা ফুড		নেগেটিভ	নেগেটিভ
রিজেন্ট টেক্সটাইল		নেগেটিভ	নেগেটিভ
রিং শাইন টেক্সটাইল		নেগেটিভ	নেগেটিভ
সাফকো স্পিনিং		নেগেটিভ	নেগেটিভ
সালভো কেমিক্যাল		নেগেটিভ	নেগেটিভ
সামতা লেদার		নেগেটিভ	নেগেটিভ
শেফার্ড ইন্ডাস্ট্রিজ		নেগেটিভ	নেগেটিভ
শাইনপুকুর সিরামিকস		নেগেটিভ	নেগেটিভ
সিনোবাংলা		নেগেটিভ	নেগেটিভ
সোনারগাঁও টেক্সটাইল		নেগেটিভ	নেগেটিভ
স্ট্যান্ডার্ড সিরামিক		নেগেটিভ	নেগেটিভ
স্টাইলক্রাফট		নেগেটিভ	নেগেটিভ
তাল্লু স্পিনিং		নেগেটিভ	নেগেটিভ
তুং হাই নিটিং		নেগেটিভ	নেগেটিভ
ইউসুফ ফ্লাওয়ার		নেগেটিভ	নেগেটিভ
ভিএফএস থ্রেড ডাইং		নেগেটিভ	নেগেটিভ
ওয়েস্টার্ন মেরিন		নেগেটিভ	নেগেটিভ
জাহিন স্পিনিং		নেগেটিভ	নেগেটিভ
জাহিনটেক্স		নেগেটিভ	নেগেটিভ
জিল বাংলা সুগার		নেগেটিভ	নেগেটিভ
ইয়াকিন পলিমার		নেগেটিভ	নেগেটিভ
কোম্পানির নাম	নিরীক্ষিত হিসাব (সমাপ্ত বছরের অনুযায়ী)		নিরীক্ষিত হিসাব (সমাপ্ত প্রান্তিক অনুযায়ী)
	পিই ১ (Basic)	পিই ২ (Diluted)	পিই ৩
ইউনিক হোটেল	২৭.১২	নেগেটিভ	নেগেটিভ
ইউনাইটেড ইন্স্যুরেন্স	৪৭.৫	১২.২৮	১২.২৮
ইউনাইটেড পাওয়ার	নেগেটিভ	২৭.৪৫	২৭.৪৫
ইউসুফ ফ্লাওয়ার	২০.৬৫	নেগেটিভ	নেগেটিভ
উসমানিয়া গ্লাস	৫.৪৪	৫.৩৬	৫.৩৬
উত্তরা ব্যাংক	১২.৬৬	৬.৫৭	৬.৫৭
উত্তরা ফাইন্যান্স	নেগেটিভ	নেগেটিভ	নেগেটিভ
ভিএএমএল বিডি ফান্ড	১৫.৬৫	১৫.৩৫	১৫.৩৫
ভিএফএস থ্রেড ডাইং	নেগেটিভ	নেগেটিভ	নেগেটিভ
ওয়াটা কেমিক্যালস	১৫.৬৫	২৫.৬৫	২৫.৬৫
ওয়েস্টার্ন মেরিন	নেগেটিভ	নেগেটিভ	নেগেটিভ
ইয়াকিন পলিমার	নেগেটিভ	নেগেটিভ	নেগেটিভ
জাহিন স্পিনিং	নেগেটিভ	নেগেটিভ	নেগেটিভ
জাহিনটেক্স ইন্ডাস্ট্রিজ	নেগেটিভ	নেগেটিভ	নেগেটিভ
জিল বাংলা সুগার	নেগেটিভ	নেগেটিভ	নেগেটিভ
কোম্পানির নাম	নিরীক্ষিত হিসাব (সমাপ্ত বছরের অনুযায়ী)		নিরীক্ষিত হিসাব (সমাপ্ত প্রান্তিক অনুযায়ী)
	পিই ১ (Basic)	পিই ২ (Diluted)	পিই ৩
ওরিয়ন ফার্মা		নেগেটিভ	নেগেটিভ
ওইমেক্স ইলেক্ট্রোড		নেগেটিভ	নেগেটিভ
প্যারামাউন্ট টেক্সটাইল		নেগেটিভ	নেগেটিভ
পদ্মা লাইফ ইন্স্যুরেন্স		নেগেটিভ	নেগেটিভ
পিপলস ইন্স্যুরেন্স		নেগেটিভ	নেগেটিভ
পপুলার লাইফ		নেগেটিভ	নেগেটিভ
প্রভাতী ইন্স্যুরেন্স		নেগেটিভ	নেগেটিভ
প্রাইম ইন্স্যুরেন্স		নেগেটিভ	নেগেটিভ
প্রাইম ফাইন্যান্স		নেগেটিভ	নেগেটিভ
প্রগতি লাইফ		নেগেটিভ	নেগেটিভ
পূরবী জেনারেল		নেগেটিভ	নেগেটিভ
কুইন সাউথ টেক্সটাইল		নেগেটিভ	নেগেটিভ
রহিম টেক্সটাইল		নেগেটিভ	নেগেটিভ
রানার অটোমোবাইলস		নেগেটিভ	নেগেটিভ
রেকিট বেনকিজার		নেগেটিভ	নেগেটিভ
রেনউইক যজ্ঞেশ্বর		নেগেটিভ	নেগেটিভ
রিপাবলিক ইন্স্যুরেন্স		নেগেটিভ	নেগেটিভ
রূপালী ব্যাংক	১০৩৫	৭৬.৪৫	৭৬.৪৫
রূপালী ইন্স্যুরেন্স	৫৫.৩৫	১৬.৩৪	১৬.৩৪
রূপালী লাইফ	১৫৬.৩৫	৫৫	৫৫
সায়হাম কটন	৪৫৫.৬৫	১৬৫	১৬৫
সায়হাম টেক্সটাইল	৪৫৬.৬৫	১৬৫	১৬৫
সালভো কেমিক্যাল	৪৫৯.৬	১৬৫	১৬৫
সন্ধানী লাইফ	৬০৭.৬	১৫৫	১৫৫
শাহজালাল ব্যাংক	৫৫৬.৬৫	নেগেটিভ	নেগেটিভ
শাহজিবাজার পাওয়ার	৪৫৫.৬৫	নেগেটিভ	নেগেটিভ
শমরিতা হাসপাতাল	৪৫৫.৬৫	নেগেটিভ	নেগেটিভ
সিঙ্গার বাংলাদেশ	৪৬৫.৬৫	নেগেটিভ	নেগেটিভ
সোনালী আঁশ	৪০৬.৬৫	১৬.৪৫	১৬.৪৫
সোনালী পেপার	৪৫৫.৬৫	১৪.৬৫	১৪.৬৫
সাউথ বাংলা ব্যাংক	৫৫.৬৫	৮.৪৫	৮.৪৫
স্কয়ার ফার্মা	৪৫.৬৫	১৩.৪৫	১৩.৪৫
স্কয়ার টেক্সটাইল	৫৫.৬৫	৮.৪৫	৮.৪৫
স্ট্যান্ডার্ড ব্যাংক	৪৫.৬৫	৮.৪৫	৮.৪৫
স্ট্যান্ডার্ড ইন্স্যুরেন্স	৪৫.৬৫	নেগেটিভ	নেগেটিভ
সামিট পাওয়ার	৪৫.৬৫	নেগেটিভ	নেগেটিভ
সাউথইস্ট ব্যাংক	৪০.৬৫	১৬.৬৫	১৬.৬৫
তাকাফুল ইন্স্যুরেন্স	৪০.৬৫	৮.৪৫	৮.৪৫
তিতাস গ্যাস	৪৫.৬৫	নেগেটিভ	নেগেটিভ
ট্রাস্ট ব্যাংক	৪৫.৬৫	নেগেটিভ	নেগেটিভ
ইউনাইটেড কমার্শিয়াল	৪৫.৬৫	নেগেটিভ	নেগেটিভ
ইউনাইটেড ফাইন্যান্স	৪৫.৬৫	১৬.৬৫	১৬.৬৫
ইউনাইটেড ইন্স্যুরেন্স	৪৫.৬৫	১৬.৪৫	১৬.৪৫
ইউনিক হোটেল	৪৫.৬৫	নেগেটিভ	নেগেটিভ
উসমানিয়া গ্লাস	১৪৪.৬১	নেগেটিভ	নেগেটিভ
উত্তরা ব্যাংক	৪৫.৬৫	১৬.৬৫	১৬.৬৫
উত্তরা ফাইন্যান্স	৪৫.৬৫	নেগেটিভ	নেগেটিভ
ভিএএমএল	৪৫.৬৫	১৬.৪৫	১৬.৪৫
ওয়াটা কেমিক্যালস	৪৫.৬৫	১৬.৬৫	১৬.৬৫
জেএমআই হসপিটাল	৪৫.৬৫	১৬.৬৫	১৬.৬৫
বিডি থাই ফুড	৪৫.৬৫	১৬.৪৫	১৬.৪৫
ইউনিয়ন ব্যাংক	৪৫.৬৫	১৬.৬৫	১৬.৬৫
ইউনিয়ন ইন্স্যুরেন্স	৪৫.৬৫	১৬.৪৫	১৬.৪৫
ইন্ট্রাকো রিফুয়েলিং	৪৫.৬৫	১৬.৬৫	১৬.৬৫
সেনা কল্যাণ ইন্স্যুরেন্স	১২৫.৬৫	১৬.৪৫	১৬.৪৫
এনআরবিসি ব্যাংক	৪৫.৬৫	১৬০.৬৫	১৬০.৬৫
পিই ১ : নিরীক্ষিত সর্বশেষ বাৎসরিক হিসাব অনুযায়ী নির্ধারিত Basic EPS দ্বারা গণনাকৃত পিই রেশিও।
পিই ২ : নিরীক্ষিত সর্বশেষ বাৎসরিক হিসাব অনুযায়ী নির্ধারিত Diluted EPS দ্বারা গণনাকৃত পিই রেশিও।
পিই ৩ : অনিরীক্ষিত সর্বশেষ প্রান্তিক হিসাব অনুযায়ী নির্ধারিত Basic EPS দ্বারা গণনাকৃত পিই রেশিও।
